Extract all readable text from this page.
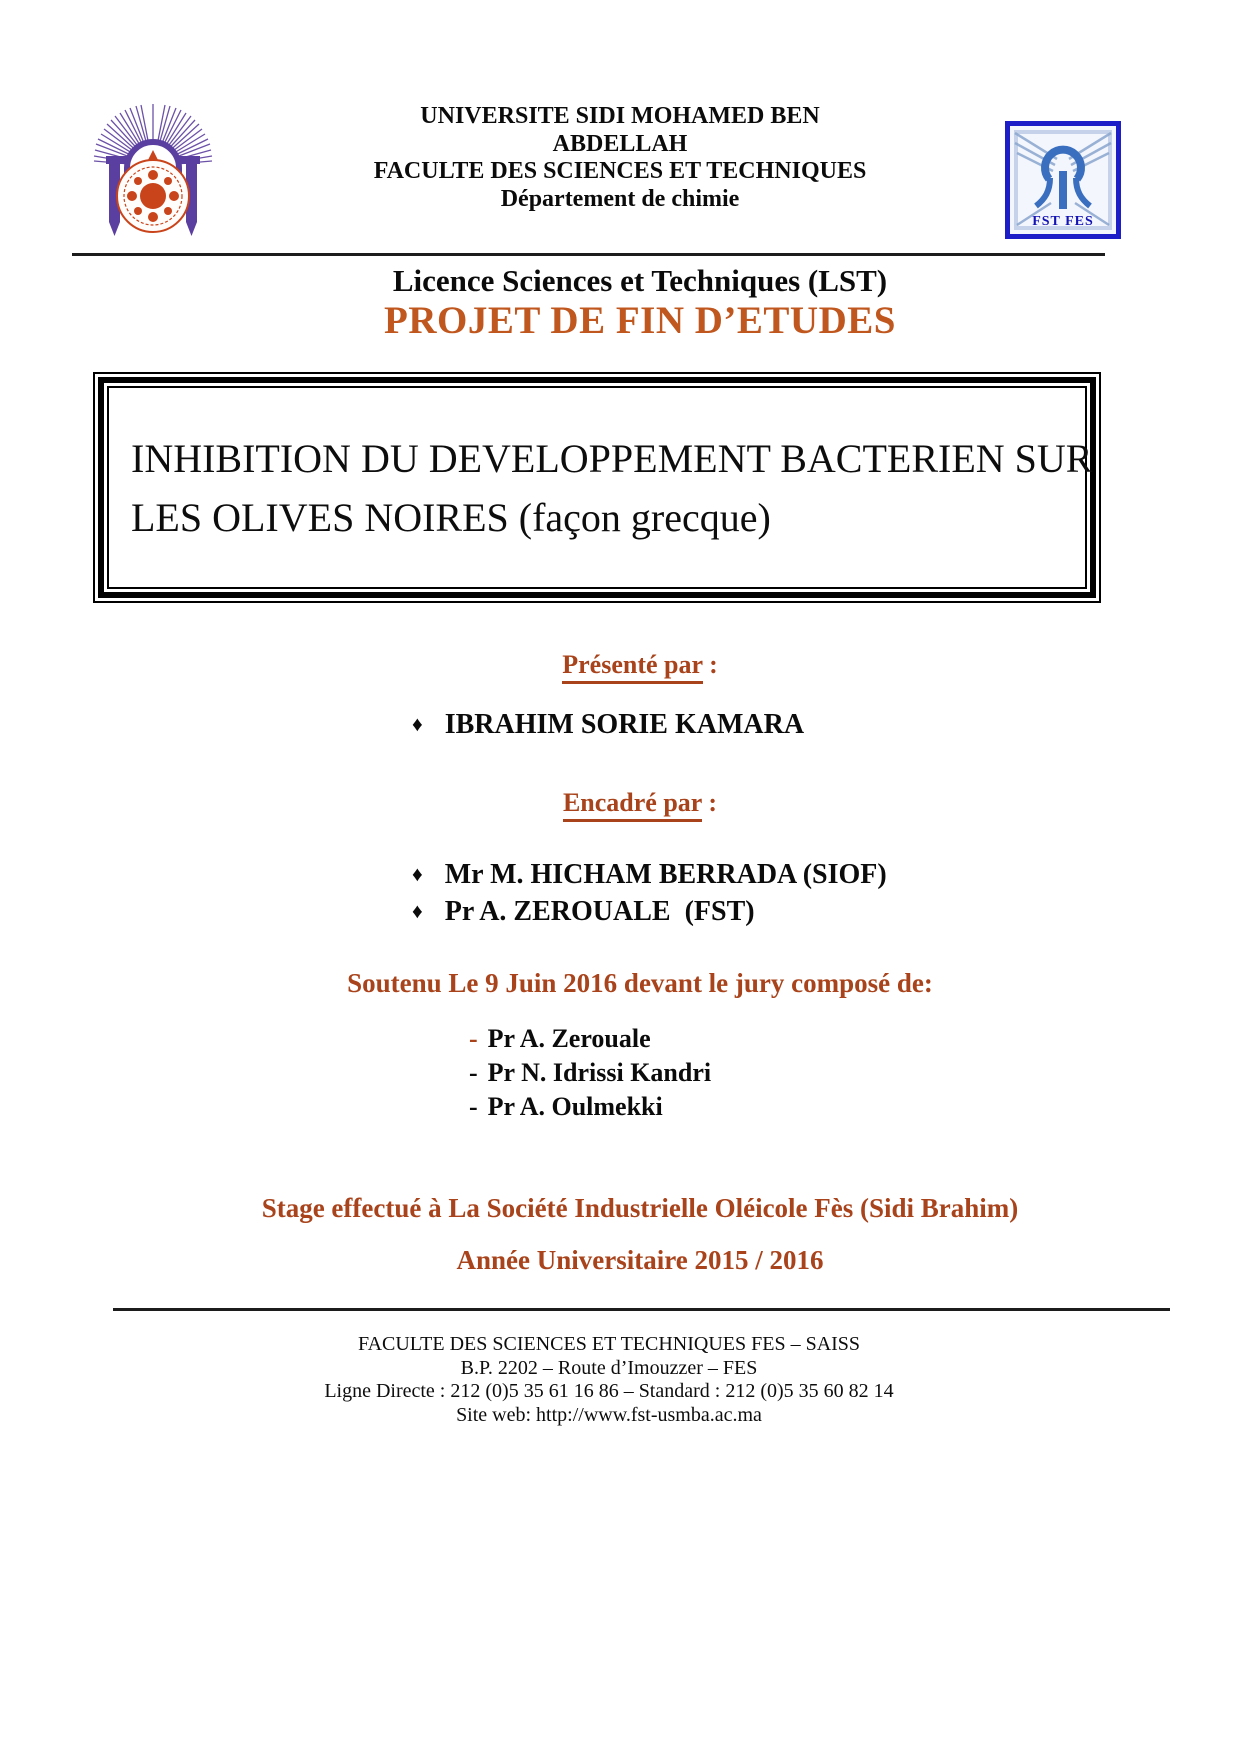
UNIVERSITE SIDI MOHAMED BEN
ABDELLAH
FACULTE DES SCIENCES ET TECHNIQUES
Département de chimie
FST FES
Licence Sciences et Techniques (LST)
PROJET DE FIN D’ETUDES
INHIBITION DU DEVELOPPEMENT BACTERIEN SUR
LES OLIVES NOIRES (façon grecque)
Présenté par :
♦ IBRAHIM SORIE KAMARA
Encadré par :
♦ Mr M. HICHAM BERRADA (SIOF)
♦ Pr A. ZEROUALE  (FST)
Soutenu Le 9 Juin 2016 devant le jury composé de:
- Pr A. Zerouale
- Pr N. Idrissi Kandri
- Pr A. Oulmekki
Stage effectué à La Société Industrielle Oléicole Fès (Sidi Brahim)
Année Universitaire 2015 / 2016
FACULTE DES SCIENCES ET TECHNIQUES FES – SAISS
B.P. 2202 – Route d’Imouzzer – FES
Ligne Directe : 212 (0)5 35 61 16 86 – Standard : 212 (0)5 35 60 82 14
Site web: http://www.fst-usmba.ac.ma
